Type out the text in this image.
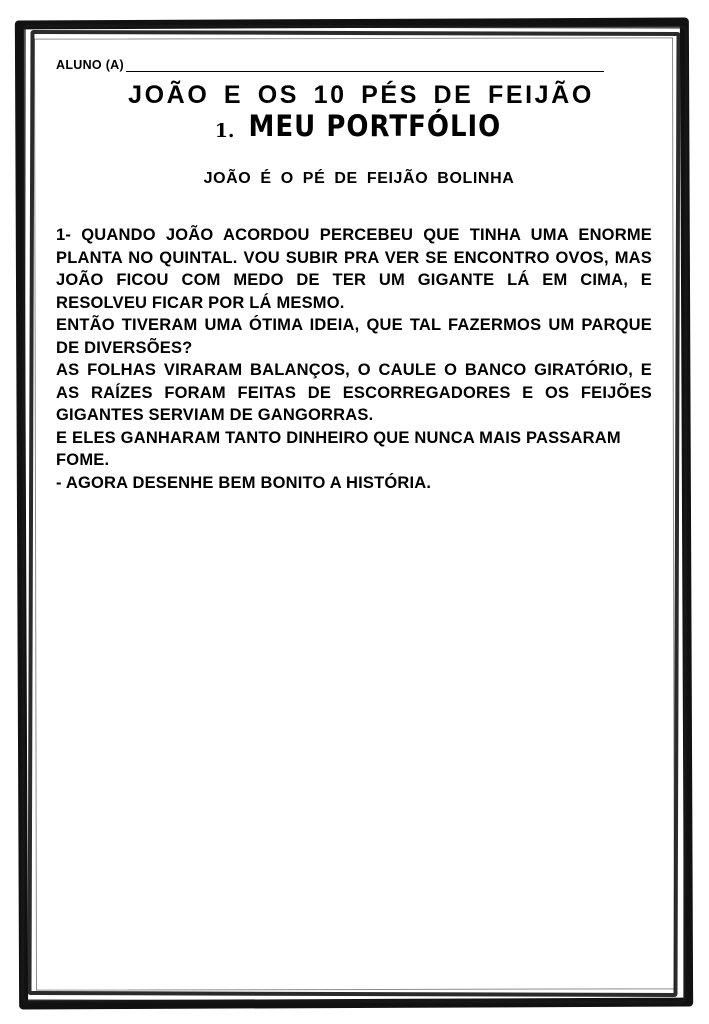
ALUNO (A)
JOÃO E OS 10 PÉS DE FEIJÃO
1. MEU PORTFÓLIO
JOÃO É O PÉ DE FEIJÃO BOLINHA

1- QUANDO JOÃO ACORDOU PERCEBEU QUE TINHA UMA ENORME PLANTA NO QUINTAL. VOU SUBIR PRA VER SE ENCONTRO OVOS, MAS JOÃO FICOU COM MEDO DE TER UM GIGANTE LÁ EM CIMA, E RESOLVEU FICAR POR LÁ MESMO.

ENTÃO TIVERAM UMA ÓTIMA IDEIA, QUE TAL FAZERMOS UM PARQUE DE DIVERSÕES?

AS FOLHAS VIRARAM BALANÇOS, O CAULE O BANCO GIRATÓRIO, E AS RAÍZES FORAM FEITAS DE ESCORREGADORES E OS FEIJÕES GIGANTES SERVIAM DE GANGORRAS.

E ELES GANHARAM TANTO DINHEIRO QUE NUNCA MAIS PASSARAM FOME.

- AGORA DESENHE BEM BONITO A HISTÓRIA.
